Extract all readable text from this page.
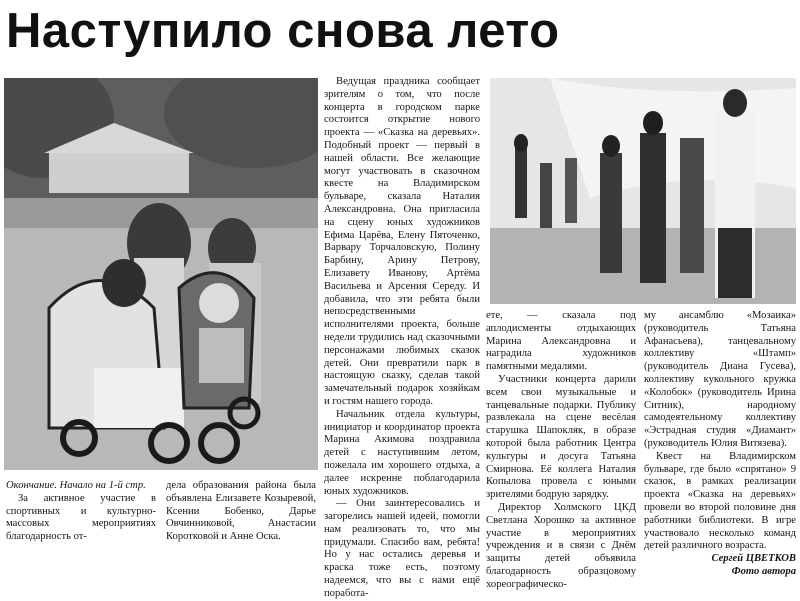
Наступило снова лето

Окончание. Начало на 1-й стр.

За активное участие в спортивных и культурно-массовых мероприятиях благодарность от-

дела образования района была объявлена Елизавете Козыревой, Ксении Бобенко, Дарье Овчинниковой, Анастасии Коротковой и Анне Оска.

Ведущая праздника сообщает зрителям о том, что после концерта в городском парке состоится открытие нового проекта — «Сказка на деревьях». Подобный проект — первый в нашей области. Все желающие могут участвовать в сказочном квесте на Владимирском бульваре, сказала Наталия Александровна. Она пригласила на сцену юных художников Ефима Царёва, Елену Пяточенко, Варвару Торчаловскую, Полину Барбину, Арину Петрову, Елизавету Иванову, Артёма Васильева и Арсения Середу. И добавила, что эти ребята были непосредственными исполнителями проекта, больше недели трудились над сказочными персонажами любимых сказок детей. Они превратили парк в настоящую сказку, сделав такой замечательный подарок хозяйкам и гостям нашего города.

Начальник отдела культуры, инициатор и координатор проекта Марина Акимова поздравила детей с наступившим летом, пожелала им хорошего отдыха, а далее искренне поблагодарила юных художников.

— Они заинтересовались и загорелись нашей идеей, помогли нам реализовать то, что мы придумали. Спасибо вам, ребята! Но у нас остались деревья и краска тоже есть, поэтому надеемся, что вы с нами ещё поработа-

ете, — сказала под аплодисменты отдыхающих Марина Александровна и наградила художников памятными медалями.

Участники концерта дарили всем свои музыкальные и танцевальные подарки. Публику развлекала на сцене весёлая старушка Шапокляк, в образе которой была работник Центра культуры и досуга Татьяна Смирнова. Её коллега Наталия Копылова провела с юными зрителями бодрую зарядку.

Директор Холмского ЦКД Светлана Хорошко за активное участие в мероприятиях учреждения и в связи с Днём защиты детей объявила благодарность образцовому хореографическо-

му ансамблю «Мозаика» (руководитель Татьяна Афанасьева), танцевальному коллективу «Штамп» (руководитель Диана Гусева), коллективу кукольного кружка «Колобок» (руководитель Ирина Ситник), народному самодеятельному коллективу «Эстрадная студия «Диамант» (руководитель Юлия Витязева).

Квест на Владимирском бульваре, где было «спрятано» 9 сказок, в рамках реализации проекта «Сказка на деревьях» провели во второй половине дня работники библиотеки. В игре участвовало несколько команд детей различного возраста.

Сергей ЦВЕТКОВ

Фото автора
